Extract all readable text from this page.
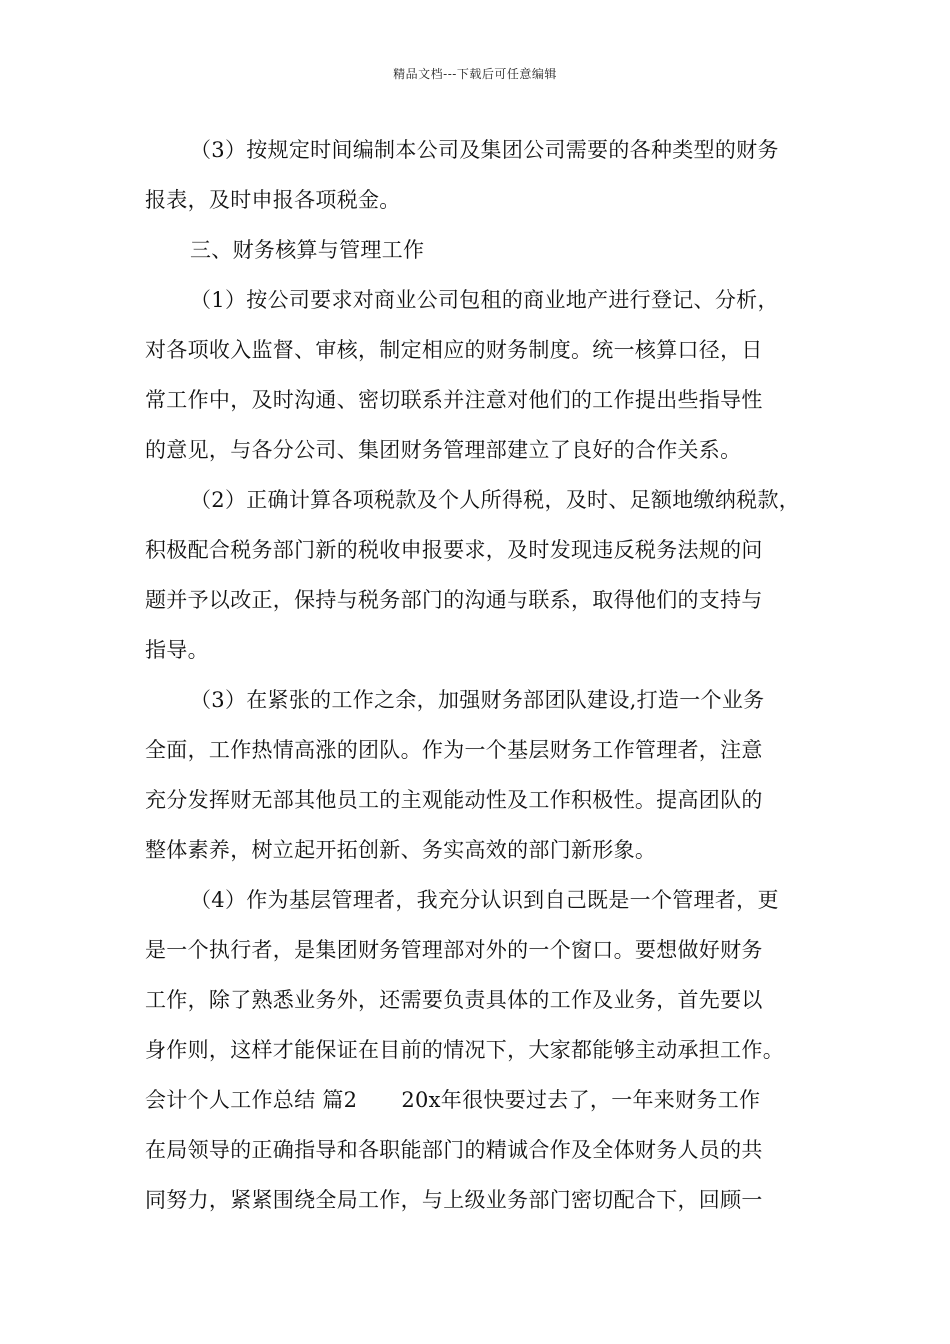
精品文档---下载后可任意编辑
（3）按规定时间编制本公司及集团公司需要的各种类型的财务
报表，及时申报各项税金。
三、财务核算与管理工作
（1）按公司要求对商业公司包租的商业地产进行登记、分析，
对各项收入监督、审核，制定相应的财务制度。统一核算口径，日
常工作中，及时沟通、密切联系并注意对他们的工作提出些指导性
的意见，与各分公司、集团财务管理部建立了良好的合作关系。
（2）正确计算各项税款及个人所得税，及时、足额地缴纳税款，
积极配合税务部门新的税收申报要求，及时发现违反税务法规的问
题并予以改正，保持与税务部门的沟通与联系，取得他们的支持与
指导。
（3）在紧张的工作之余，加强财务部团队建设,打造一个业务
全面，工作热情高涨的团队。作为一个基层财务工作管理者，注意
充分发挥财无部其他员工的主观能动性及工作积极性。提高团队的
整体素养，树立起开拓创新、务实高效的部门新形象。
（4）作为基层管理者，我充分认识到自己既是一个管理者，更
是一个执行者，是集团财务管理部对外的一个窗口。要想做好财务
工作，除了熟悉业务外，还需要负责具体的工作及业务，首先要以
身作则，这样才能保证在目前的情况下，大家都能够主动承担工作。
会计个人工作总结 篇2 20x年很快要过去了，一年来财务工作
在局领导的正确指导和各职能部门的精诚合作及全体财务人员的共
同努力，紧紧围绕全局工作，与上级业务部门密切配合下，回顾一
